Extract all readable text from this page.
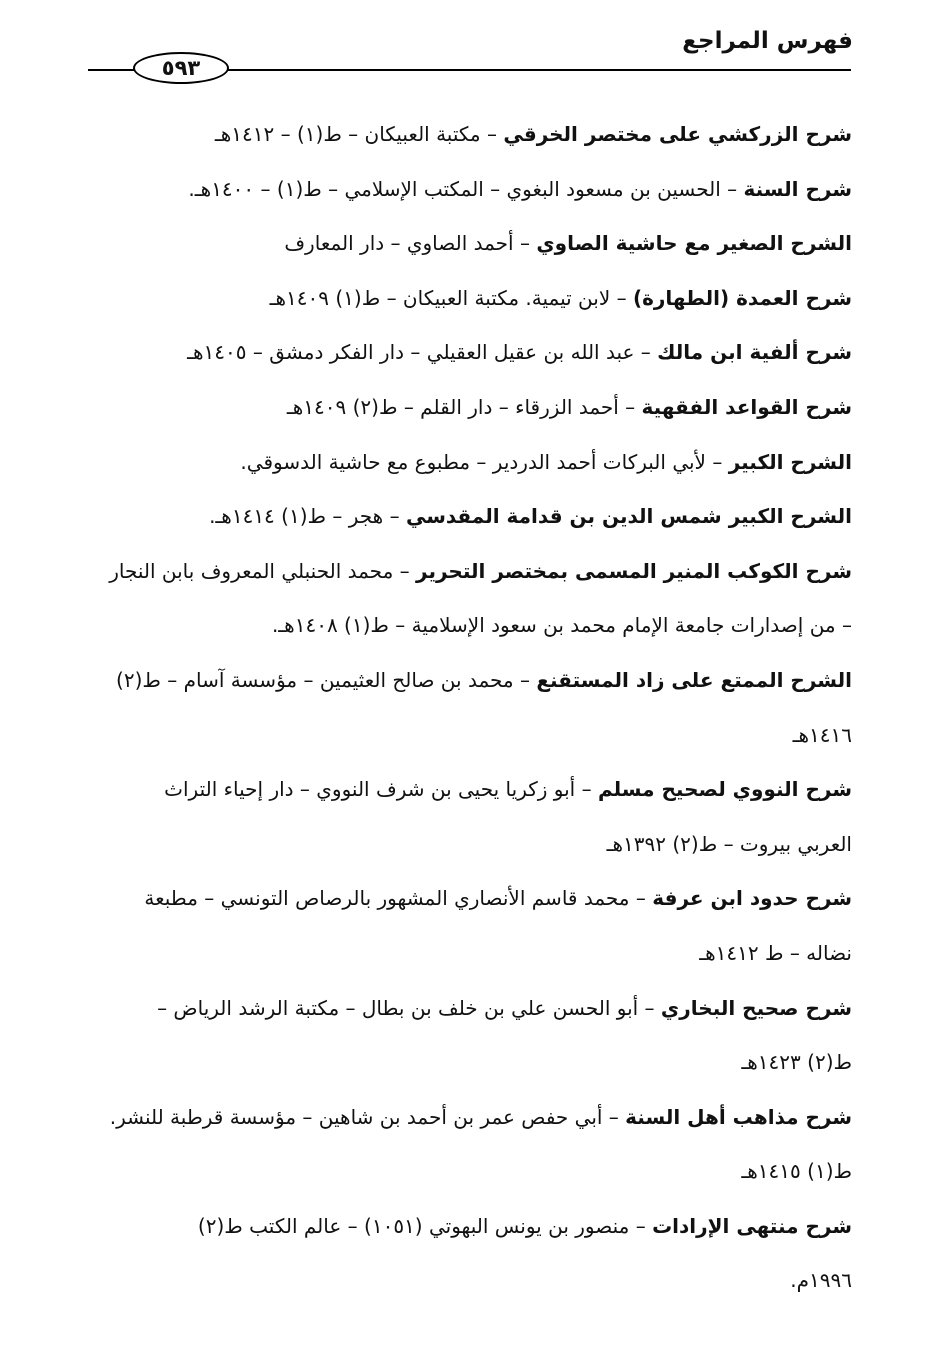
فهرس المراجع
٥٩٣
شرح الزركشي على مختصر الخرقي – مكتبة العبيكان – ط(١) – ١٤١٢هـ
شرح السنة – الحسين بن مسعود البغوي – المكتب الإسلامي – ط(١) – ١٤٠٠هـ.
الشرح الصغير مع حاشية الصاوي – أحمد الصاوي – دار المعارف
شرح العمدة (الطهارة) – لابن تيمية. مكتبة العبيكان – ط(١) ١٤٠٩هـ
شرح ألفية ابن مالك – عبد الله بن عقيل العقيلي – دار الفكر دمشق – ١٤٠٥هـ
شرح القواعد الفقهية – أحمد الزرقاء – دار القلم – ط(٢) ١٤٠٩هـ
الشرح الكبير – لأبي البركات أحمد الدردير – مطبوع مع حاشية الدسوقي.
الشرح الكبير شمس الدين بن قدامة المقدسي – هجر – ط(١) ١٤١٤هـ.
شرح الكوكب المنير المسمى بمختصر التحرير – محمد الحنبلي المعروف بابن النجار
– من إصدارات جامعة الإمام محمد بن سعود الإسلامية – ط(١) ١٤٠٨هـ.
الشرح الممتع على زاد المستقنع – محمد بن صالح العثيمين – مؤسسة آسام – ط(٢)
١٤١٦هـ
شرح النووي لصحيح مسلم – أبو زكريا يحيى بن شرف النووي – دار إحياء التراث
العربي بيروت – ط(٢) ١٣٩٢هـ
شرح حدود ابن عرفة – محمد قاسم الأنصاري المشهور بالرصاص التونسي – مطبعة
نضاله – ط ١٤١٢هـ
شرح صحيح البخاري – أبو الحسن علي بن خلف بن بطال – مكتبة الرشد الرياض –
ط(٢) ١٤٢٣هـ
شرح مذاهب أهل السنة – أبي حفص عمر بن أحمد بن شاهين – مؤسسة قرطبة للنشر.
ط(١) ١٤١٥هـ
شرح منتهى الإرادات – منصور بن يونس البهوتي (١٠٥١) – عالم الكتب ط(٢)
١٩٩٦م.
